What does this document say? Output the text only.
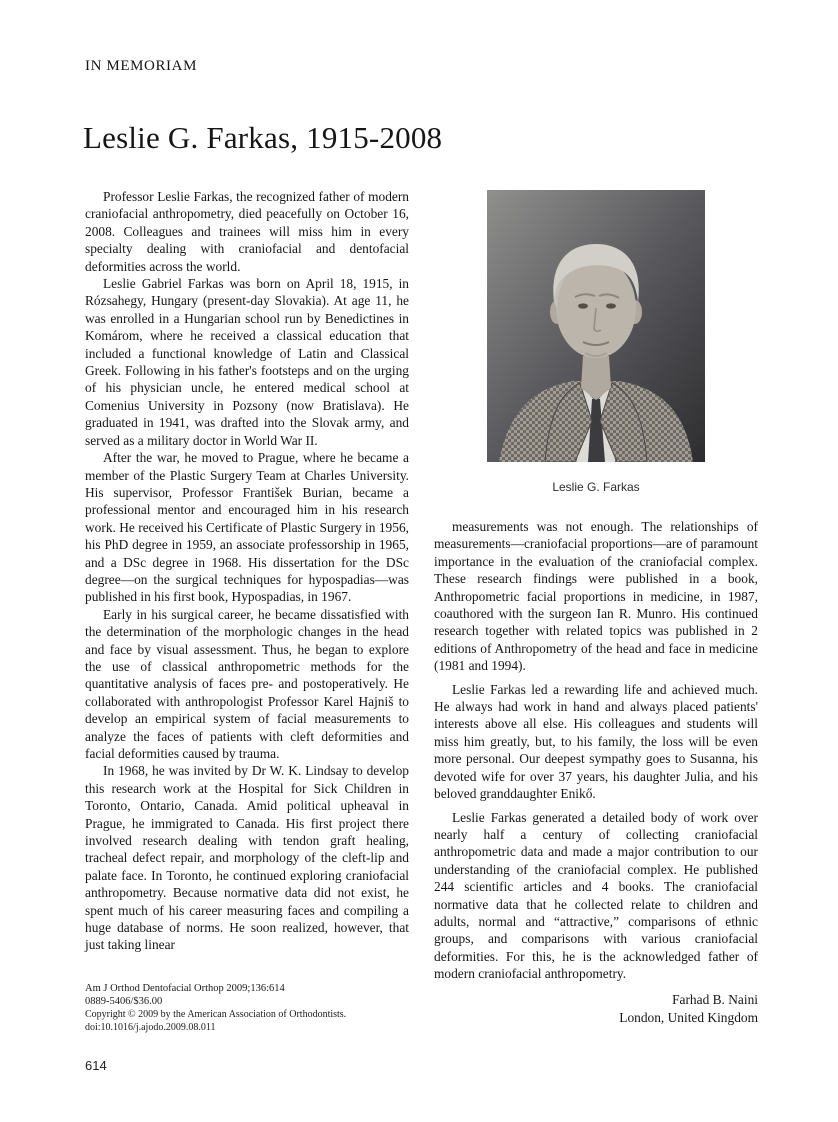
IN MEMORIAM
Leslie G. Farkas, 1915-2008

Professor Leslie Farkas, the recognized father of modern craniofacial anthropometry, died peacefully on October 16, 2008. Colleagues and trainees will miss him in every specialty dealing with craniofacial and dentofacial deformities across the world.

Leslie Gabriel Farkas was born on April 18, 1915, in Rózsahegy, Hungary (present-day Slovakia). At age 11, he was enrolled in a Hungarian school run by Benedictines in Komárom, where he received a classical education that included a functional knowledge of Latin and Classical Greek. Following in his father's footsteps and on the urging of his physician uncle, he entered medical school at Comenius University in Pozsony (now Bratislava). He graduated in 1941, was drafted into the Slovak army, and served as a military doctor in World War II.

After the war, he moved to Prague, where he became a member of the Plastic Surgery Team at Charles University. His supervisor, Professor František Burian, became a professional mentor and encouraged him in his research work. He received his Certificate of Plastic Surgery in 1956, his PhD degree in 1959, an associate professorship in 1965, and a DSc degree in 1968. His dissertation for the DSc degree—on the surgical techniques for hypospadias—was published in his first book, Hypospadias, in 1967.

Early in his surgical career, he became dissatisfied with the determination of the morphologic changes in the head and face by visual assessment. Thus, he began to explore the use of classical anthropometric methods for the quantitative analysis of faces pre- and postoperatively. He collaborated with anthropologist Professor Karel Hajniš to develop an empirical system of facial measurements to analyze the faces of patients with cleft deformities and facial deformities caused by trauma.

In 1968, he was invited by Dr W. K. Lindsay to develop this research work at the Hospital for Sick Children in Toronto, Ontario, Canada. Amid political upheaval in Prague, he immigrated to Canada. His first project there involved research dealing with tendon graft healing, tracheal defect repair, and morphology of the cleft-lip and palate face. In Toronto, he continued exploring craniofacial anthropometry. Because normative data did not exist, he spent much of his career measuring faces and compiling a huge database of norms. He soon realized, however, that just taking linear

Leslie G. Farkas

measurements was not enough. The relationships of measurements—craniofacial proportions—are of paramount importance in the evaluation of the craniofacial complex. These research findings were published in a book, Anthropometric facial proportions in medicine, in 1987, coauthored with the surgeon Ian R. Munro. His continued research together with related topics was published in 2 editions of Anthropometry of the head and face in medicine (1981 and 1994).

Leslie Farkas led a rewarding life and achieved much. He always had work in hand and always placed patients' interests above all else. His colleagues and students will miss him greatly, but, to his family, the loss will be even more personal. Our deepest sympathy goes to Susanna, his devoted wife for over 37 years, his daughter Julia, and his beloved granddaughter Enikő.

Leslie Farkas generated a detailed body of work over nearly half a century of collecting craniofacial anthropometric data and made a major contribution to our understanding of the craniofacial complex. He published 244 scientific articles and 4 books. The craniofacial normative data that he collected relate to children and adults, normal and “attractive,” comparisons of ethnic groups, and comparisons with various craniofacial deformities. For this, he is the acknowledged father of modern craniofacial anthropometry.

Farhad B. Naini
London, United Kingdom
Am J Orthod Dentofacial Orthop 2009;136:614
0889-5406/$36.00
Copyright © 2009 by the American Association of Orthodontists.
doi:10.1016/j.ajodo.2009.08.011
614
